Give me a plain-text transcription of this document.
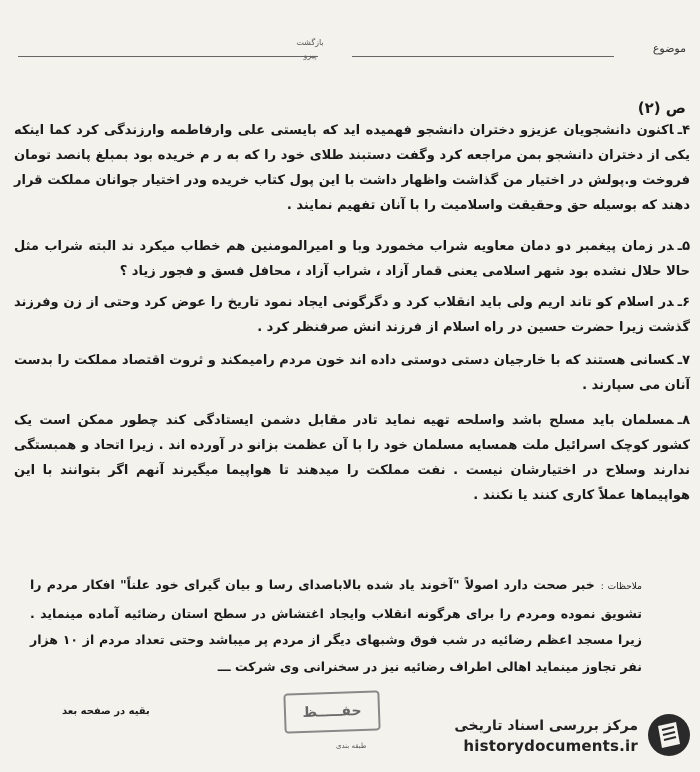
موضوع
بازگشت
پیرو
ص (۲)
۴ـاکنون دانشجویان عزیزو دختران دانشجو فهمیده اید که بایستی علی وارفاطمه وارزندگی کرد کما اینکه یکی از دختران دانشجو بمن مراجعه کرد وگفت دستبند طلای خود را که به ر م خریده بود بمبلغ پانصد تومان فروخت و.پولش در اختیار من گذاشت واظهار داشت با این پول کتاب خریده ودر اختیار جوانان مملکت قرار دهند که بوسیله حق وحقیقت واسلامیت را با آنان تفهیم نمایند .
۵ـدر زمان پیغمبر دو دمان معاویه شراب مخمورد وبا و امیرالمومنین هم خطاب میکرد ند البته شراب مثل حالا حلال نشده بود شهر اسلامی یعنی قمار آزاد ، شراب آزاد ، محافل فسق و فجور زیاد ؟
۶ـدر اسلام کو تاند اریم ولی باید انقلاب کرد و دگرگونی ایجاد نمود تاریخ را عوض کرد وحتی از زن وفرزند گذشت زیرا حضرت حسین در راه اسلام از فرزند انش صرفنظر کرد .
۷ـکسانی هستند که با خارجیان دستی دوستی داده اند خون مردم رامیمکند و ثروت اقتصاد مملکت را بدست آنان می سپارند .
۸ـمسلمان باید مسلح باشد واسلحه تهیه نماید تادر مقابل دشمن ایستادگی کند چطور ممکن است یک کشور کوچک اسرائیل ملت همسایه مسلمان خود را با آن عظمت بزانو در آورده اند . زیرا اتحاد و همبستگی ندارند وسلاح در اختیارشان نیست . نفت مملکت را میدهند تا هواپیما میگیرند آنهم اگر بتوانند با این هواپیماها عملاً کاری کنند یا نکنند .
ملاحظات :خبر صحت دارد اصولاً "آخوند یاد شده بالاباصدای رسا و بیان گیرای خود علناً" افکار مردم را تشویق نموده ومردم را برای هرگونه انقلاب وایجاد اغتشاش در سطح استان رضائیه آماده مینماید . زیرا مسجد اعظم رضائیه در شب فوق وشبهای دیگر از مردم پر میباشد وحتی تعداد مردم از ۱۰ هزار نفر تجاوز مینماید اهالی اطراف رضائیه نیز در سخنرانی وی شرکت ـــ
بقیه در صفحه بعد	حفـــــظ
طبقه بندی
مرکز بررسی اسناد تاریخی
historydocuments.ir
